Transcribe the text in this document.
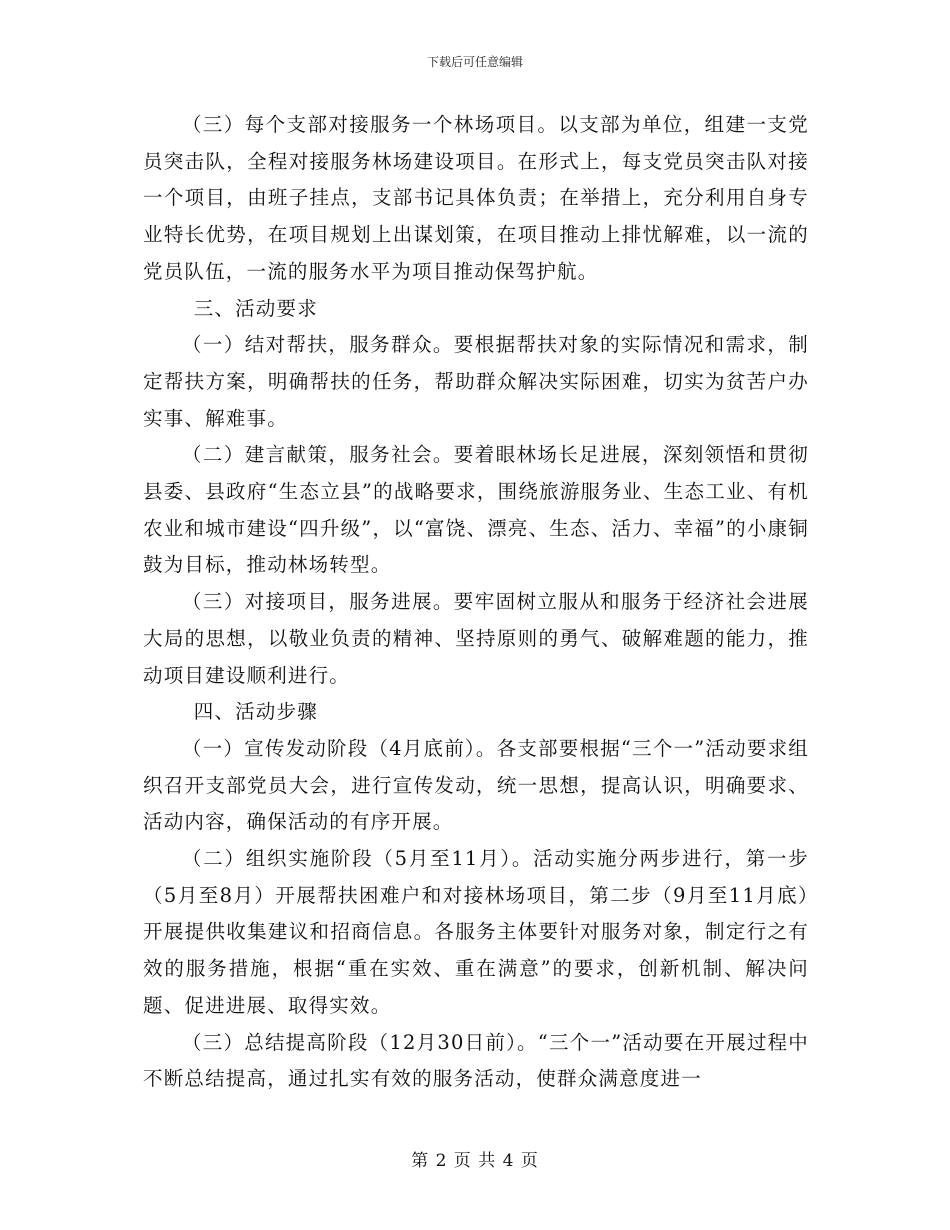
下载后可任意编辑

（三）每个支部对接服务一个林场项目。以支部为单位，组建一支党员突击队，全程对接服务林场建设项目。在形式上，每支党员突击队对接一个项目，由班子挂点，支部书记具体负责；在举措上，充分利用自身专业特长优势，在项目规划上出谋划策，在项目推动上排忧解难，以一流的党员队伍，一流的服务水平为项目推动保驾护航。

三、活动要求

（一）结对帮扶，服务群众。要根据帮扶对象的实际情况和需求，制定帮扶方案，明确帮扶的任务，帮助群众解决实际困难，切实为贫苦户办实事、解难事。

（二）建言献策，服务社会。要着眼林场长足进展，深刻领悟和贯彻县委、县政府“生态立县”的战略要求，围绕旅游服务业、生态工业、有机农业和城市建设“四升级”，以“富饶、漂亮、生态、活力、幸福”的小康铜鼓为目标，推动林场转型。

（三）对接项目，服务进展。要牢固树立服从和服务于经济社会进展大局的思想，以敬业负责的精神、坚持原则的勇气、破解难题的能力，推动项目建设顺利进行。

四、活动步骤

（一）宣传发动阶段（4月底前）。各支部要根据“三个一”活动要求组织召开支部党员大会，进行宣传发动，统一思想，提高认识，明确要求、活动内容，确保活动的有序开展。

（二）组织实施阶段（5月至11月）。活动实施分两步进行，第一步（5月至8月）开展帮扶困难户和对接林场项目，第二步（9月至11月底）开展提供收集建议和招商信息。各服务主体要针对服务对象，制定行之有效的服务措施，根据“重在实效、重在满意”的要求，创新机制、解决问题、促进进展、取得实效。

（三）总结提高阶段（12月30日前）。“三个一”活动要在开展过程中不断总结提高，通过扎实有效的服务活动，使群众满意度进一

第 2 页 共 4 页
